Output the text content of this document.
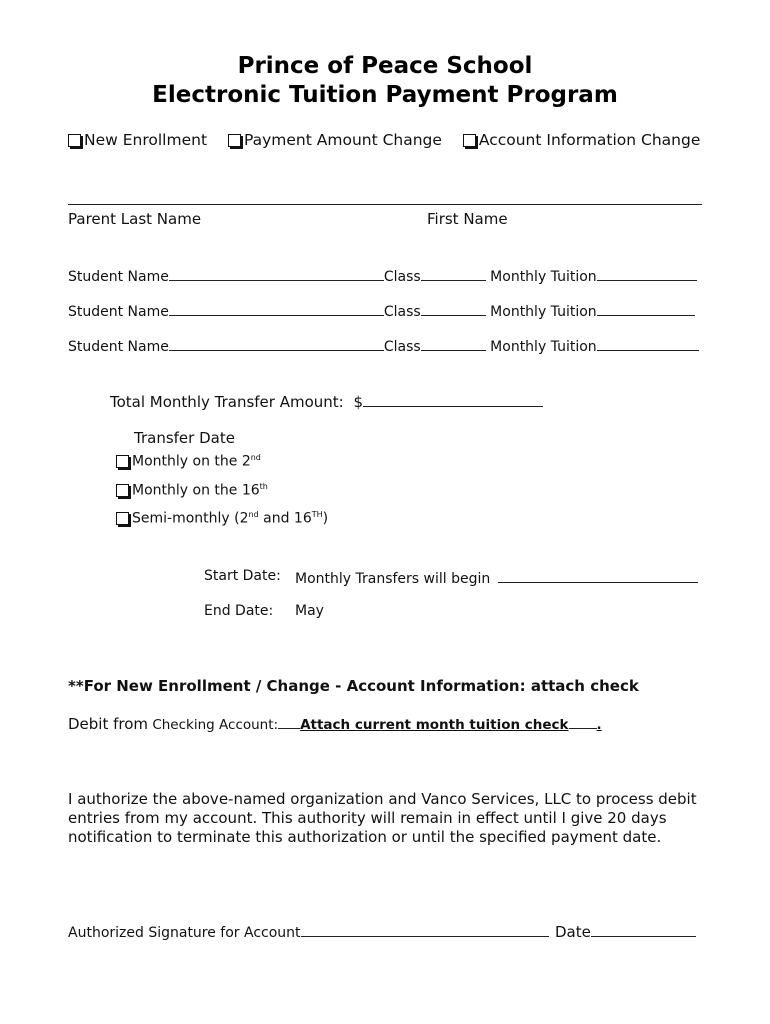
Prince of Peace School
Electronic Tuition Payment Program
New Enrollment
Payment Amount Change
Account Information Change
Parent Last Name	First Name
Student Name	Class	Monthly Tuition
Student Name	Class	Monthly Tuition
Student Name	Class	Monthly Tuition
Total Monthly Transfer Amount: $
Transfer Date
Monthly on the 2nd
Monthly on the 16th
Semi-monthly (2nd and 16TH)
Start Date: Monthly Transfers will begin
End Date: May
**For New Enrollment / Change - Account Information: attach check
Debit from Checking Account: Attach current month tuition check .
I authorize the above-named organization and Vanco Services, LLC to process debit entries from my account. This authority will remain in effect until I give 20 days notification to terminate this authorization or until the specified payment date.
Authorized Signature for Account	Date
